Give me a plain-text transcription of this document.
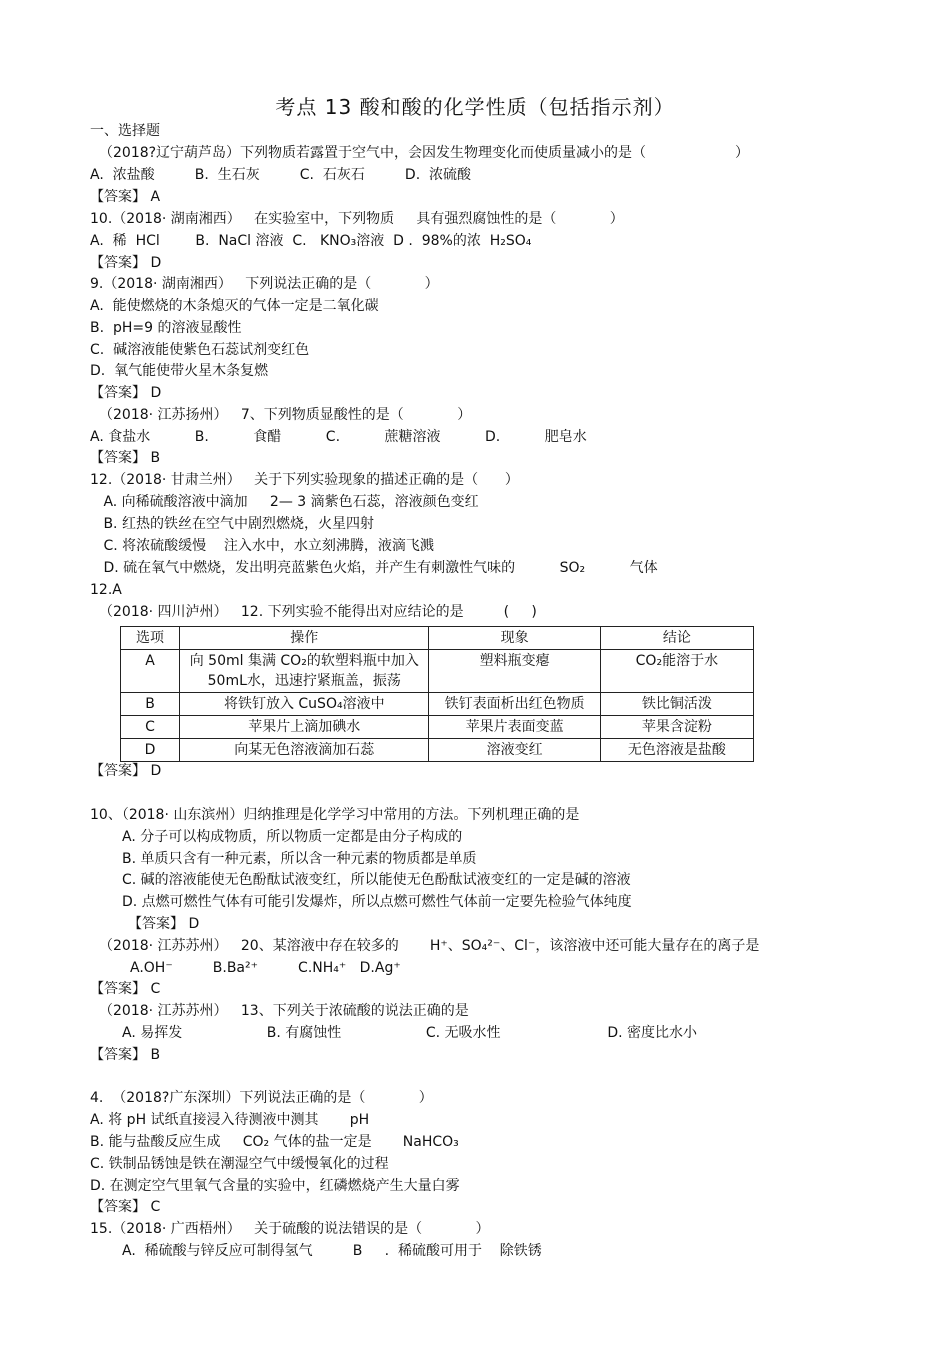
考点 13 酸和酸的化学性质（包括指示剂）
一、选择题
（2018?辽宁葫芦岛）下列物质若露置于空气中，会因发生物理变化而使质量减小的是（                    ）
A.  浓盐酸         B.  生石灰         C.  石灰石         D.  浓硫酸
【答案】 A
10.（2018· 湖南湘西）   在实验室中，下列物质     具有强烈腐蚀性的是（            ）
A.  稀  HCl        B.  NaCl 溶液  C.   KNO₃溶液  D .  98%的浓  H₂SO₄
【答案】 D
9.（2018· 湖南湘西）   下列说法正确的是（            ）
A.  能使燃烧的木条熄灭的气体一定是二氧化碳
B.  pH=9 的溶液显酸性
C.  碱溶液能使紫色石蕊试剂变红色
D.  氧气能使带火星木条复燃
【答案】 D
（2018· 江苏扬州）   7、下列物质显酸性的是（            ）
A. 食盐水          B.          食醋          C.          蔗糖溶液          D.          肥皂水
【答案】 B
12.（2018· 甘肃兰州）   关于下列实验现象的描述正确的是（      ）
A. 向稀硫酸溶液中滴加     2— 3 滴紫色石蕊，溶液颜色变红
B. 红热的铁丝在空气中剧烈燃烧，火星四射
C. 将浓硫酸缓慢    注入水中，水立刻沸腾，液滴飞溅
D. 硫在氧气中燃烧，发出明亮蓝紫色火焰，并产生有刺激性气味的          SO₂          气体
12.A
（2018· 四川泸州）   12. 下列实验不能得出对应结论的是         (     )
选项	操作	现象	结论
A	向 50ml 集满 CO₂的软塑料瓶中加入 50mL水，迅速拧紧瓶盖，振荡	塑料瓶变瘪	CO₂能溶于水
B	将铁钉放入 CuSO₄溶液中	铁钉表面析出红色物质	铁比铜活泼
C	苹果片上滴加碘水	苹果片表面变蓝	苹果含淀粉
D	向某无色溶液滴加石蕊	溶液变红	无色溶液是盐酸
【答案】 D
10、（2018· 山东滨州）归纳推理是化学学习中常用的方法。下列机理正确的是
A. 分子可以构成物质，所以物质一定都是由分子构成的
B. 单质只含有一种元素，所以含一种元素的物质都是单质
C. 碱的溶液能使无色酚酞试液变红，所以能使无色酚酞试液变红的一定是碱的溶液
D. 点燃可燃性气体有可能引发爆炸，所以点燃可燃性气体前一定要先检验气体纯度
【答案】 D
（2018· 江苏苏州）   20、某溶液中存在较多的       H⁺、SO₄²⁻、Cl⁻，该溶液中还可能大量存在的离子是
A.OH⁻         B.Ba²⁺         C.NH₄⁺   D.Ag⁺
【答案】 C
（2018· 江苏苏州）   13、下列关于浓硫酸的说法正确的是
A. 易挥发                   B. 有腐蚀性                   C. 无吸水性                        D. 密度比水小
【答案】 B
4.  （2018?广东深圳）下列说法正确的是（            ）
A. 将 pH 试纸直接浸入待测液中测其       pH
B. 能与盐酸反应生成     CO₂ 气体的盐一定是       NaHCO₃
C. 铁制品锈蚀是铁在潮湿空气中缓慢氧化的过程
D. 在测定空气里氧气含量的实验中，红磷燃烧产生大量白雾
【答案】 C
15.（2018· 广西梧州）   关于硫酸的说法错误的是（            ）
A.  稀硫酸与锌反应可制得氢气         B     .  稀硫酸可用于    除铁锈
